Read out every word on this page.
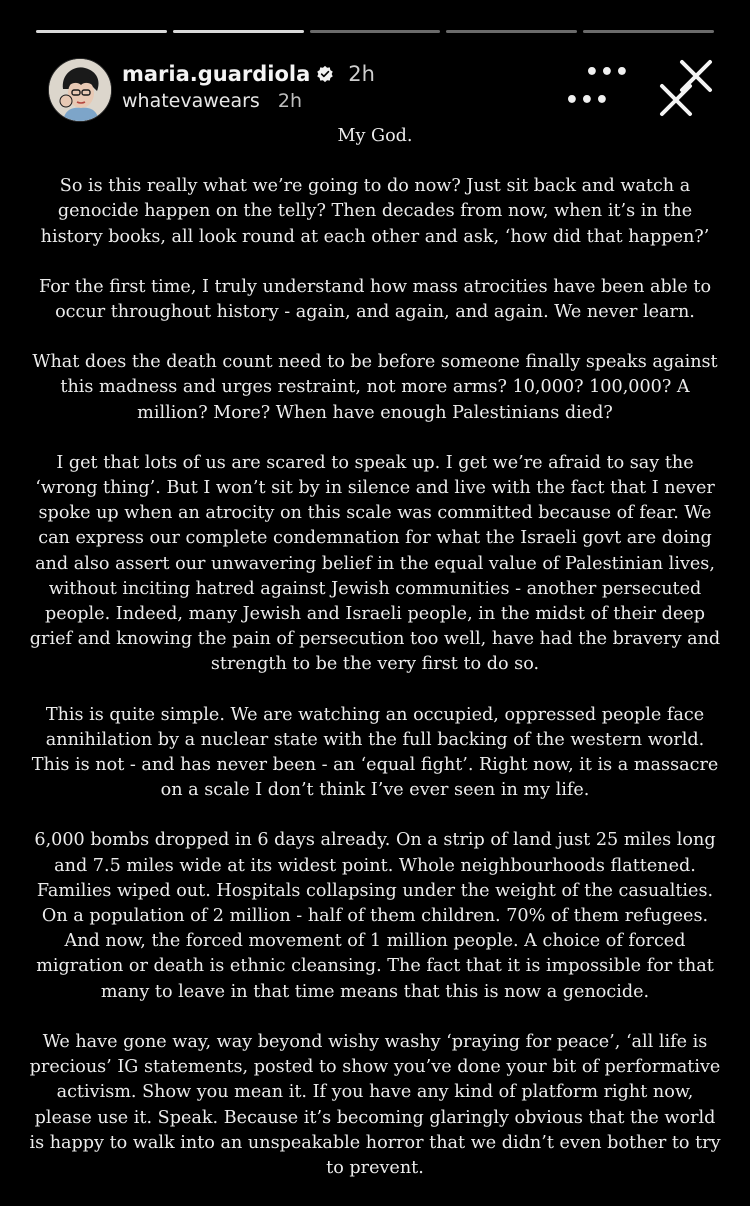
maria.guardiola 2h
whatevawears 2h
•••
•••

My God.

So is this really what we’re going to do now? Just sit back and watch a genocide happen on the telly? Then decades from now, when it’s in the history books, all look round at each other and ask, ‘how did that happen?’

For the first time, I truly understand how mass atrocities have been able to occur throughout history - again, and again, and again. We never learn.

What does the death count need to be before someone finally speaks against this madness and urges restraint, not more arms? 10,000? 100,000? A million? More? When have enough Palestinians died?

I get that lots of us are scared to speak up. I get we’re afraid to say the ‘wrong thing’. But I won’t sit by in silence and live with the fact that I never spoke up when an atrocity on this scale was committed because of fear. We can express our complete condemnation for what the Israeli govt are doing and also assert our unwavering belief in the equal value of Palestinian lives, without inciting hatred against Jewish communities - another persecuted people. Indeed, many Jewish and Israeli people, in the midst of their deep grief and knowing the pain of persecution too well, have had the bravery and strength to be the very first to do so.

This is quite simple. We are watching an occupied, oppressed people face annihilation by a nuclear state with the full backing of the western world. This is not - and has never been - an ‘equal fight’. Right now, it is a massacre on a scale I don’t think I’ve ever seen in my life.

6,000 bombs dropped in 6 days already. On a strip of land just 25 miles long and 7.5 miles wide at its widest point. Whole neighbourhoods flattened. Families wiped out. Hospitals collapsing under the weight of the casualties. On a population of 2 million - half of them children. 70% of them refugees. And now, the forced movement of 1 million people. A choice of forced migration or death is ethnic cleansing. The fact that it is impossible for that many to leave in that time means that this is now a genocide.

We have gone way, way beyond wishy washy ‘praying for peace’, ‘all life is precious’ IG statements, posted to show you’ve done your bit of performative activism. Show you mean it. If you have any kind of platform right now, please use it. Speak. Because it’s becoming glaringly obvious that the world is happy to walk into an unspeakable horror that we didn’t even bother to try to prevent.
